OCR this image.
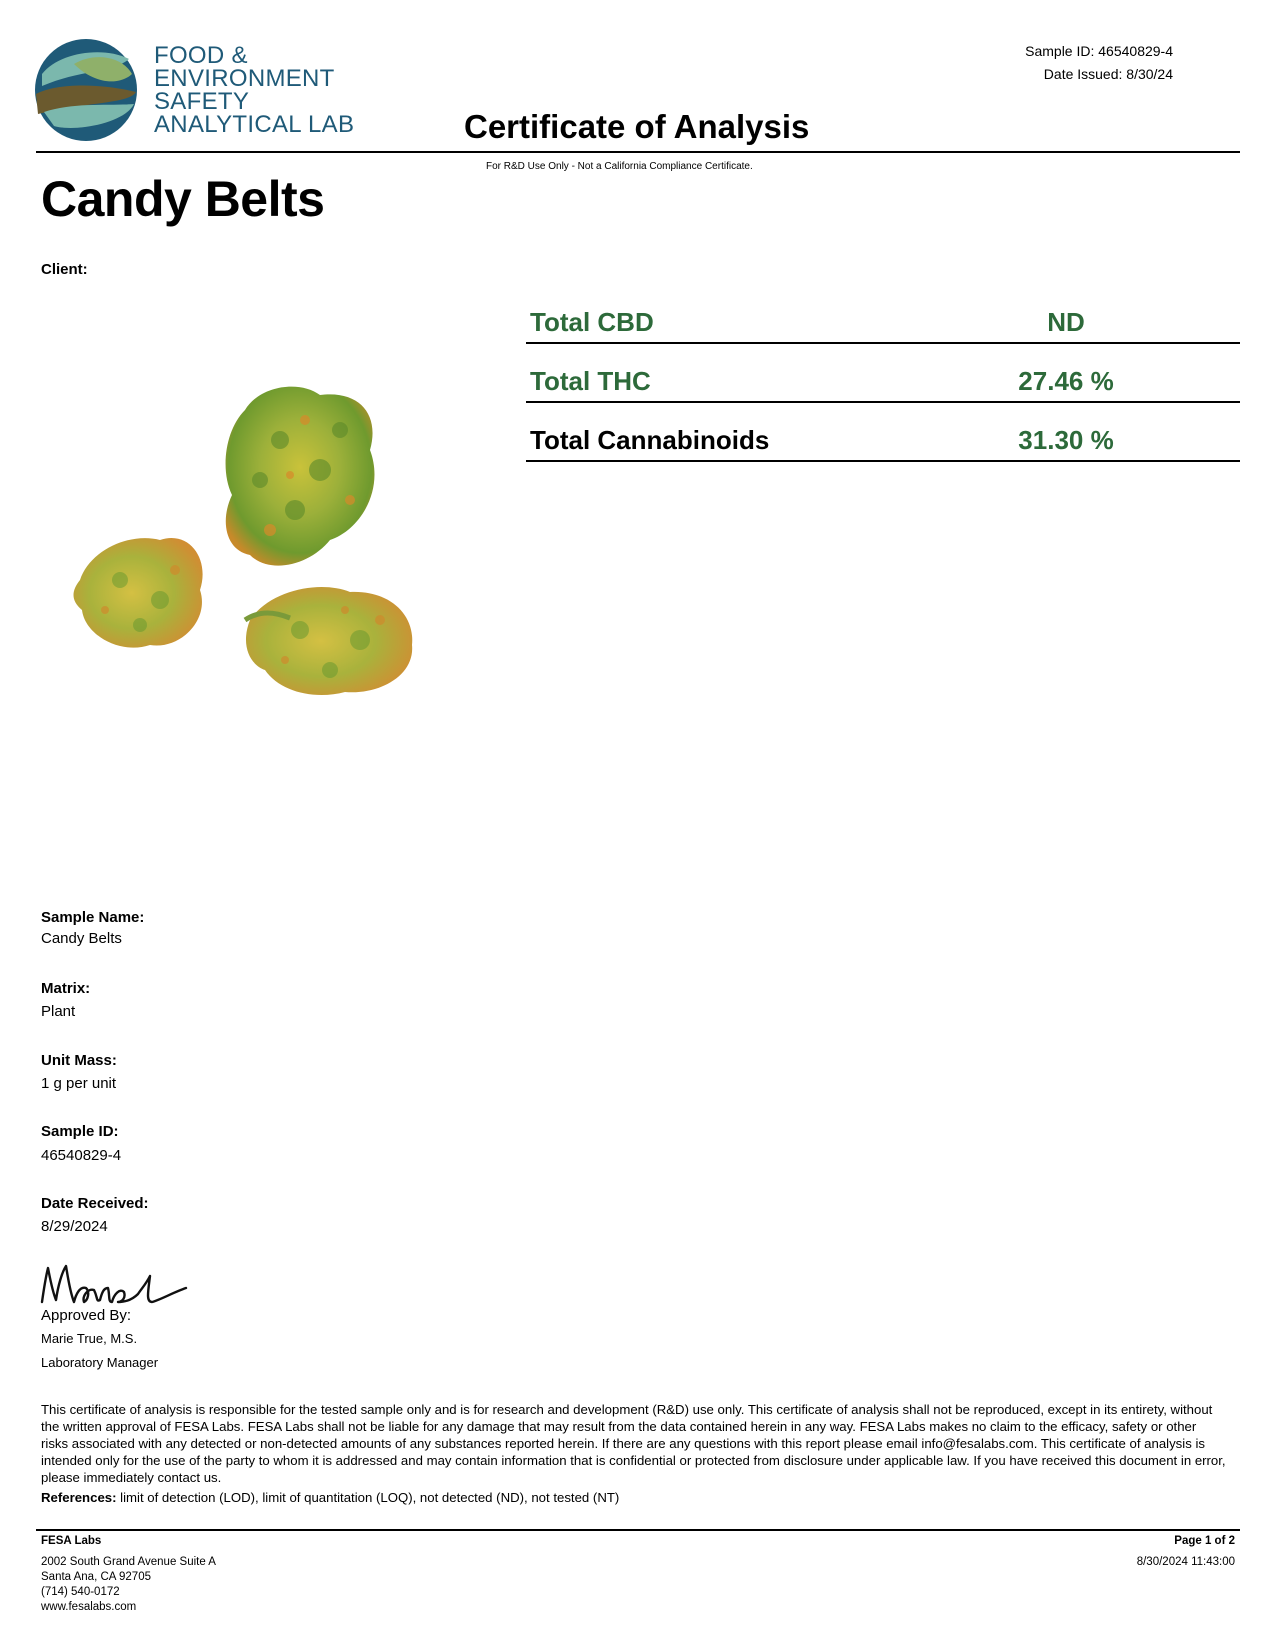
FOOD &
ENVIRONMENT
SAFETY
ANALYTICAL LAB
Sample ID: 46540829-4
Date Issued: 8/30/24
Certificate of Analysis
For R&D Use Only - Not a California Compliance Certificate.
Candy Belts
Client:
Total CBD	ND
Total THC	27.46 %
Total Cannabinoids	31.30 %
Sample Name:
Candy Belts
Matrix:
Plant
Unit Mass:
1 g per unit
Sample ID:
46540829-4
Date Received:
8/29/2024
Approved By:
Marie True, M.S.
Laboratory Manager
This certificate of analysis is responsible for the tested sample only and is for research and development (R&D) use only. This certificate of analysis shall not be reproduced, except in its entirety, without the written approval of FESA Labs. FESA Labs shall not be liable for any damage that may result from the data contained herein in any way. FESA Labs makes no claim to the efficacy, safety or other risks associated with any detected or non-detected amounts of any substances reported herein. If there are any questions with this report please email info@fesalabs.com. This certificate of analysis is intended only for the use of the party to whom it is addressed and may contain information that is confidential or protected from disclosure under applicable law. If you have received this document in error, please immediately contact us.
References: limit of detection (LOD), limit of quantitation (LOQ), not detected (ND), not tested (NT)
FESA Labs
2002 South Grand Avenue Suite A
Santa Ana, CA 92705
(714) 540-0172
www.fesalabs.com
Page 1 of 2
8/30/2024 11:43:00
